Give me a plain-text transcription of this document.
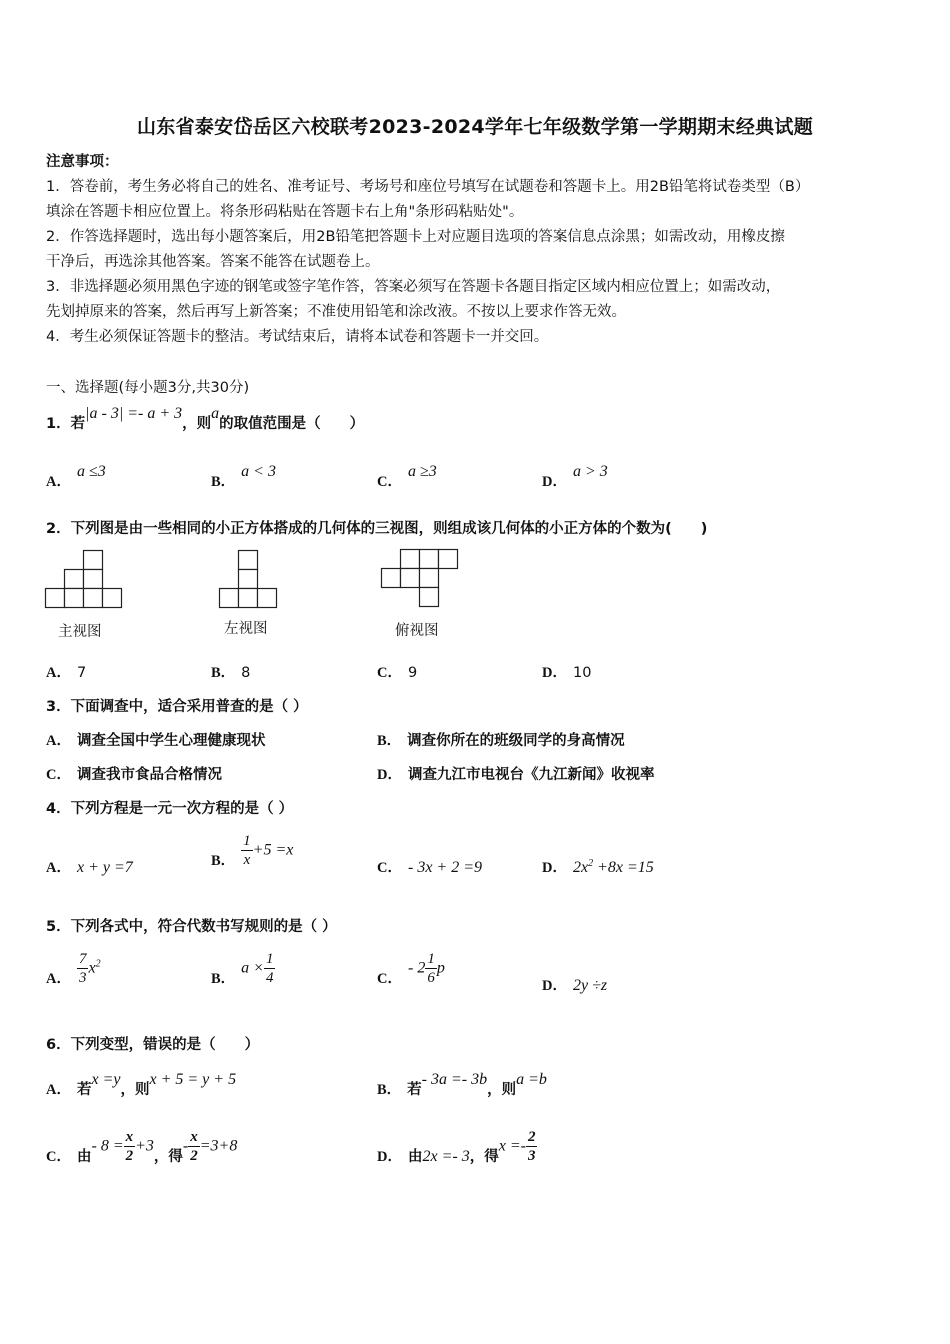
山东省泰安岱岳区六校联考2023-2024学年七年级数学第一学期期末经典试题
注意事项：
1．答卷前，考生务必将自己的姓名、准考证号、考场号和座位号填写在试题卷和答题卡上。用2B铅笔将试卷类型（B）
填涂在答题卡相应位置上。将条形码粘贴在答题卡右上角"条形码粘贴处"。
2．作答选择题时，选出每小题答案后，用2B铅笔把答题卡上对应题目选项的答案信息点涂黑；如需改动，用橡皮擦
干净后，再选涂其他答案。答案不能答在试题卷上。
3．非选择题必须用黑色字迹的钢笔或签字笔作答，答案必须写在答题卡各题目指定区域内相应位置上；如需改动，
先划掉原来的答案，然后再写上新答案；不准使用铅笔和涂改液。不按以上要求作答无效。
4．考生必须保证答题卡的整洁。考试结束后，请将本试卷和答题卡一并交回。
一、选择题(每小题3分,共30分)
1．若|a - 3| =- a + 3，则a的取值范围是（　　）
A．a ≤3
B．a < 3
C．a ≥3
D．a > 3
2．下列图是由一些相同的小正方体搭成的几何体的三视图，则组成该几何体的小正方体的个数为(　　)
主视图	左视图	俯视图
A． 7	B． 8	C． 9	D． 10
3．下面调查中，适合采用普查的是（ ）
A． 调查全国中学生心理健康现状	B． 调查你所在的班级同学的身高情况
C． 调查我市食品合格情况	D． 调查九江市电视台《九江新闻》收视率
4．下列方程是一元一次方程的是（ ）
A． x + y =7	B． $\frac{1}{x} +5 =x$
C． - 3x + 2 =9	D． $2x^2 +8x =15$
5．下列各式中，符合代数书写规则的是（ ）
A． $\frac{7}{3} x^2$
B．$a \times \frac{1}{4}$	C．- $2 \frac{1}{6}$ p
D． 2y ÷z
6．下列变型，错误的是（　　）
A． 若x =y，则x + 5 = y + 5
B． 若- 3a =- 3b，则a =b
C． 由- $8 = \frac{x}{2} +3$，得- $\frac{x}{2} =3+8$
D． 由2x =- 3，得$x =- \frac{2}{3}$
